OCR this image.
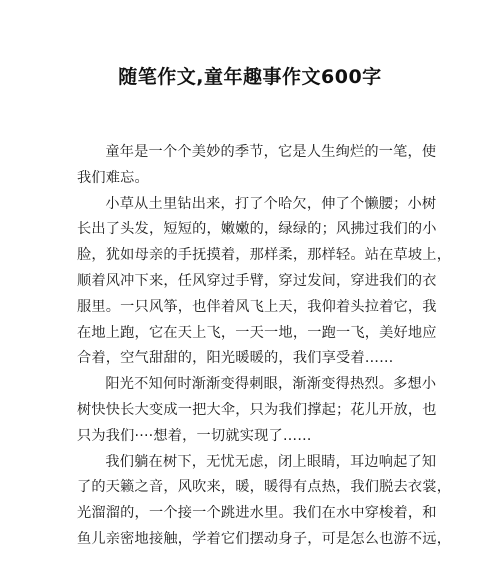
随笔作文,童年趣事作文600字

童年是一个个美妙的季节，它是人生绚烂的一笔，使
我们难忘。

小草从土里钻出来，打了个哈欠，伸了个懒腰；小树
长出了头发，短短的，嫩嫩的，绿绿的；风拂过我们的小
脸，犹如母亲的手抚摸着，那样柔，那样轻。站在草坡上，
顺着风冲下来，任风穿过手臂，穿过发间，穿进我们的衣
服里。一只风筝，也伴着风飞上天，我仰着头拉着它，我
在地上跑，它在天上飞，一天一地，一跑一飞，美好地应
合着，空气甜甜的，阳光暖暖的，我们享受着……

阳光不知何时渐渐变得刺眼，渐渐变得热烈。多想小
树快快长大变成一把大伞，只为我们撑起；花儿开放，也
只为我们····想着，一切就实现了……

我们躺在树下，无忧无虑，闭上眼睛，耳边响起了知
了的天籁之音，风吹来，暖，暖得有点热，我们脱去衣裳，
光溜溜的，一个接一个跳进水里。我们在水中穿梭着，和
鱼儿亲密地接触，学着它们摆动身子，可是怎么也游不远，
